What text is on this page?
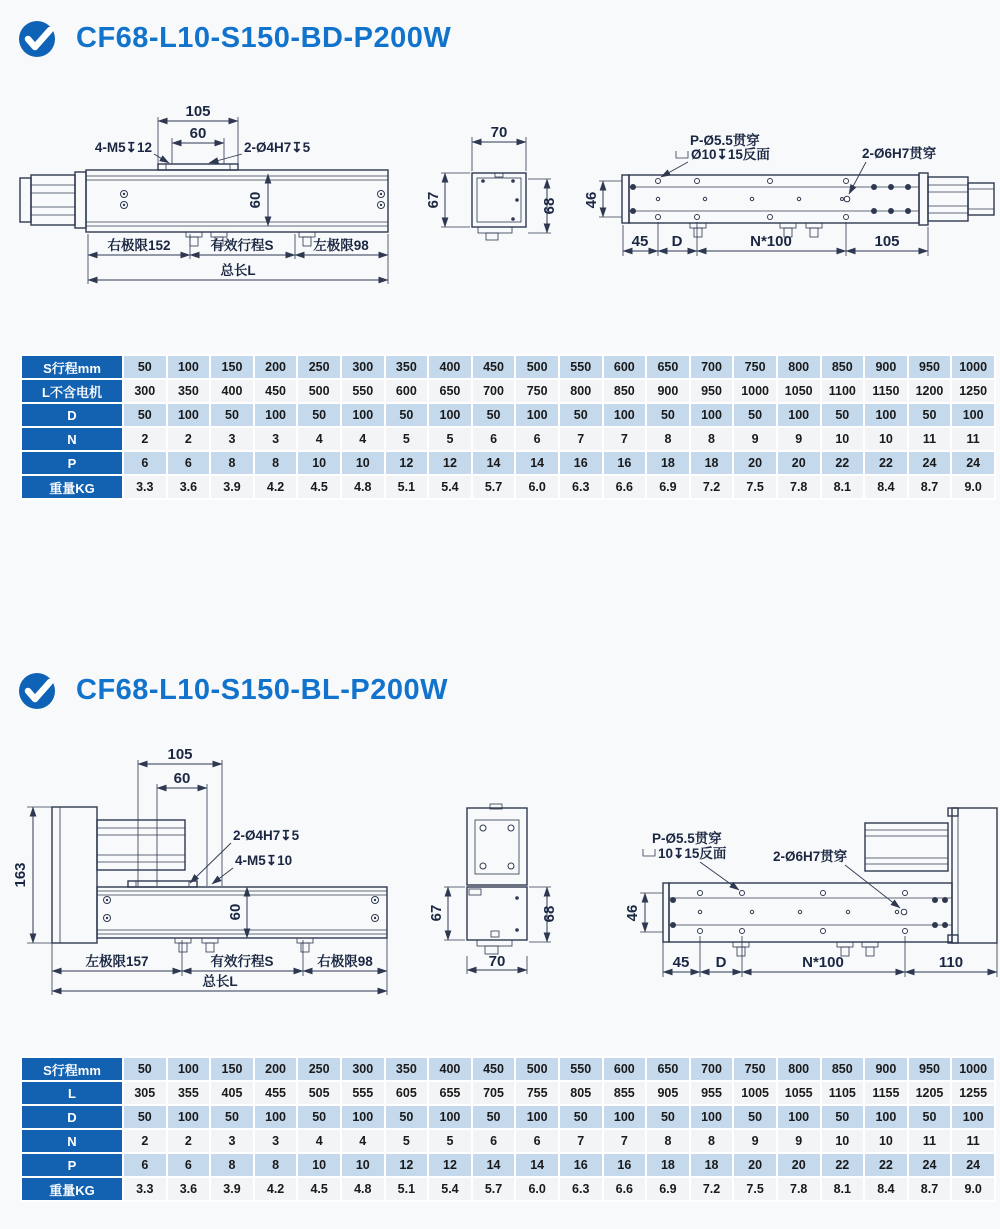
CF68-L10-S150-BD-P200W
105
60
4-M5↧12	2-Ø4H7↧5
60
右极限152	有效行程S	左极限98
总长L
70
67	68
P-Ø5.5贯穿
Ø10↧15反面	2-Ø6H7贯穿
46
45 D	N*100	105
S行程mm	50	100	150	200	250	300	350	400	450	500	550	600	650	700	750	800	850	900	950	1000
L不含电机	300	350	400	450	500	550	600	650	700	750	800	850	900	950	1000	1050	1100	1150	1200	1250
D	50	100	50	100	50	100	50	100	50	100	50	100	50	100	50	100	50	100	50	100
N	2	2	3	3	4	4	5	5	6	6	7	7	8	8	9	9	10	10	11	11
P	6	6	8	8	10	10	12	12	14	14	16	16	18	18	20	20	22	22	24	24
重量KG	3.3	3.6	3.9	4.2	4.5	4.8	5.1	5.4	5.7	6.0	6.3	6.6	6.9	7.2	7.5	7.8	8.1	8.4	8.7	9.0
CF68-L10-S150-BL-P200W
163
105
60
2-Ø4H7↧5
4-M5↧10
60
左极限157	有效行程S	右极限98
总长L
67	68
70
P-Ø5.5贯穿
10↧15反面	2-Ø6H7贯穿
46
45 D	N*100	110
S行程mm	50	100	150	200	250	300	350	400	450	500	550	600	650	700	750	800	850	900	950	1000
L	305	355	405	455	505	555	605	655	705	755	805	855	905	955	1005	1055	1105	1155	1205	1255
D	50	100	50	100	50	100	50	100	50	100	50	100	50	100	50	100	50	100	50	100
N	2	2	3	3	4	4	5	5	6	6	7	7	8	8	9	9	10	10	11	11
P	6	6	8	8	10	10	12	12	14	14	16	16	18	18	20	20	22	22	24	24
重量KG	3.3	3.6	3.9	4.2	4.5	4.8	5.1	5.4	5.7	6.0	6.3	6.6	6.9	7.2	7.5	7.8	8.1	8.4	8.7	9.0
